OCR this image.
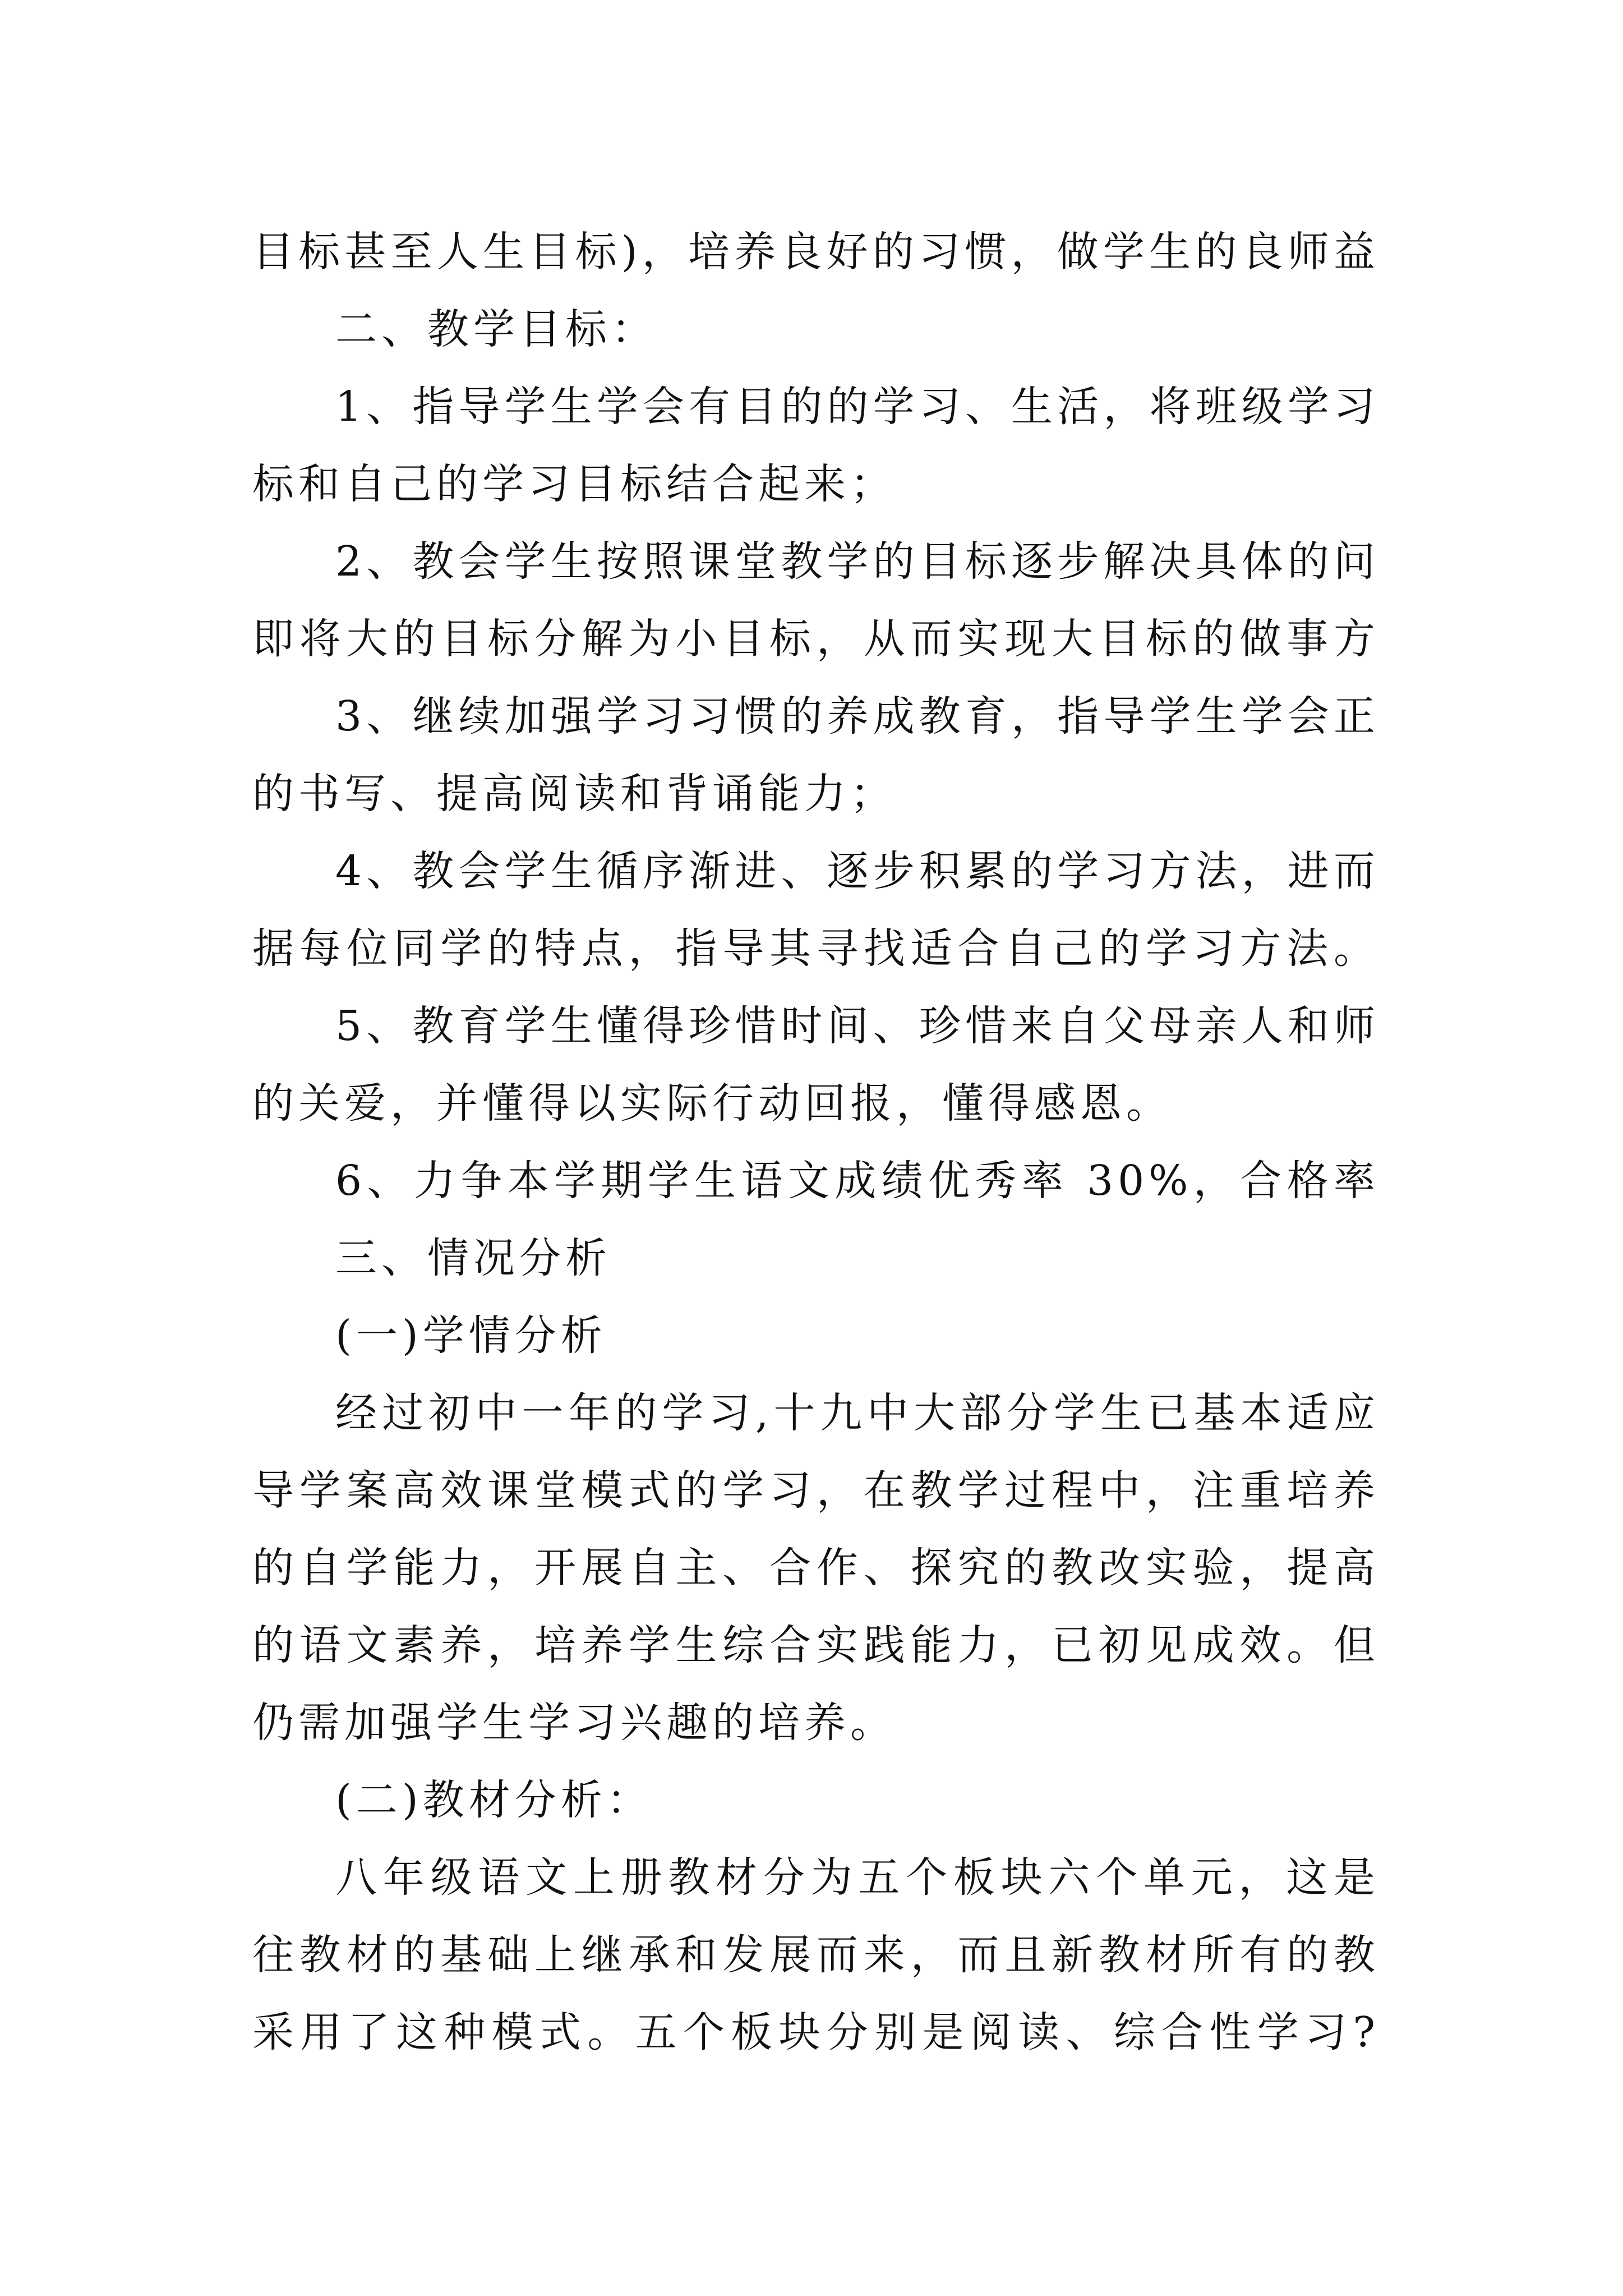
目标甚至人生目标)，培养良好的习惯，做学生的良师益
二、教学目标：
1、指导学生学会有目的的学习、生活，将班级学习
标和自己的学习目标结合起来；
2、教会学生按照课堂教学的目标逐步解决具体的问
即将大的目标分解为小目标，从而实现大目标的做事方
3、继续加强学习习惯的养成教育，指导学生学会正
的书写、提高阅读和背诵能力；
4、教会学生循序渐进、逐步积累的学习方法，进而
据每位同学的特点，指导其寻找适合自己的学习方法。
5、教育学生懂得珍惜时间、珍惜来自父母亲人和师
的关爱，并懂得以实际行动回报，懂得感恩。
6、力争本学期学生语文成绩优秀率 30%，合格率
三、情况分析
(一)学情分析
经过初中一年的学习,十九中大部分学生已基本适应
导学案高效课堂模式的学习，在教学过程中，注重培养
的自学能力，开展自主、合作、探究的教改实验，提高
的语文素养，培养学生综合实践能力，已初见成效。但
仍需加强学生学习兴趣的培养。
(二)教材分析：
八年级语文上册教材分为五个板块六个单元，这是
往教材的基础上继承和发展而来，而且新教材所有的教
采用了这种模式。五个板块分别是阅读、综合性学习?
